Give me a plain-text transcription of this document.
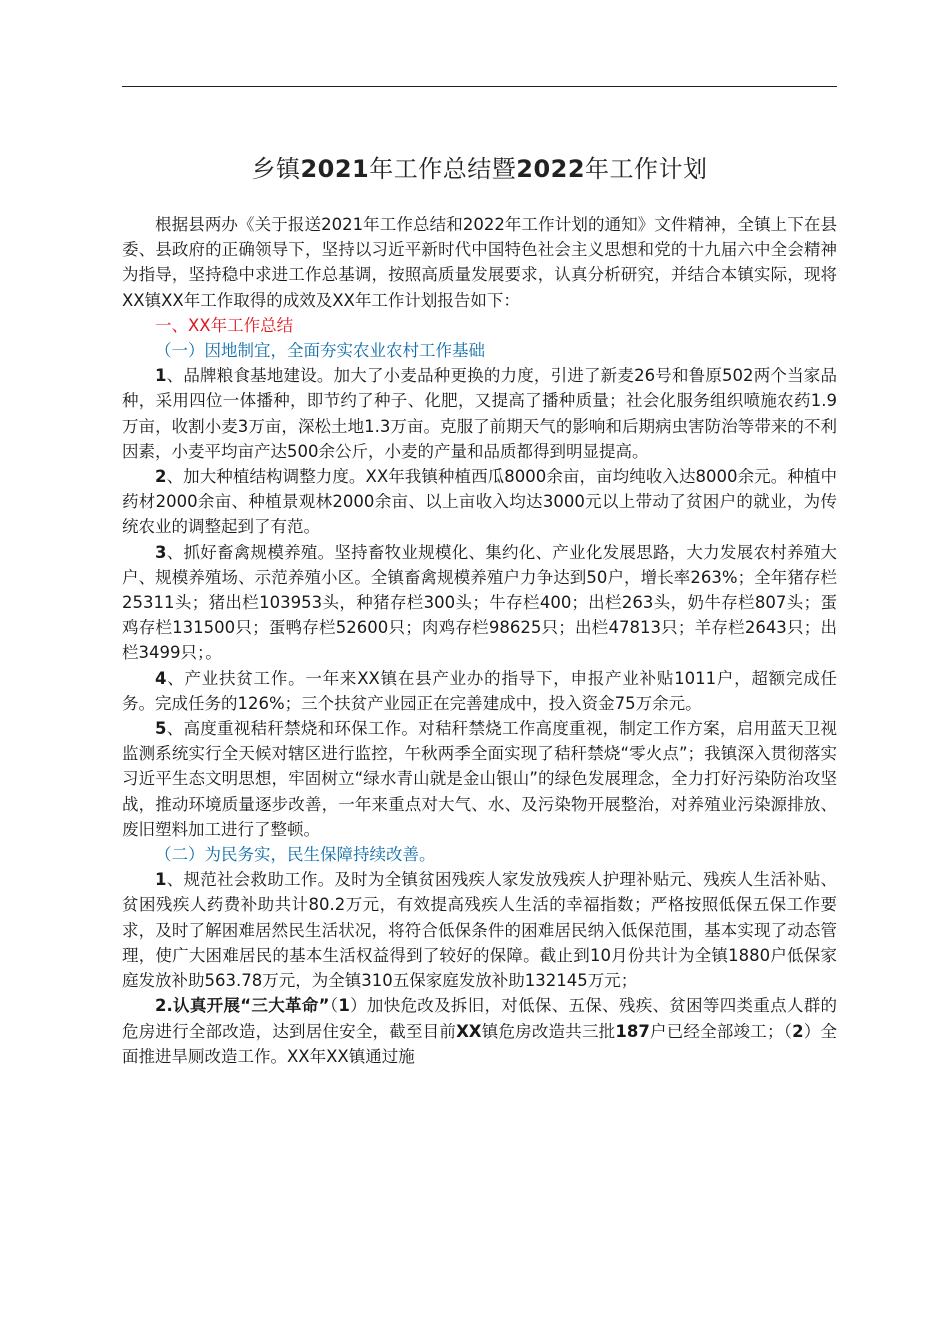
乡镇2021年工作总结暨2022年工作计划

根据县两办《关于报送2021年工作总结和2022年工作计划的通知》文件精神，全镇上下在县委、县政府的正确领导下，坚持以习近平新时代中国特色社会主义思想和党的十九届六中全会精神为指导，坚持稳中求进工作总基调，按照高质量发展要求，认真分析研究，并结合本镇实际，现将XX镇XX年工作取得的成效及XX年工作计划报告如下：

一、XX年工作总结

（一）因地制宜，全面夯实农业农村工作基础

1、品牌粮食基地建设。加大了小麦品种更换的力度，引进了新麦26号和鲁原502两个当家品种，采用四位一体播种，即节约了种子、化肥，又提高了播种质量；社会化服务组织喷施农药1.9万亩，收割小麦3万亩，深松土地1.3万亩。克服了前期天气的影响和后期病虫害防治等带来的不利因素，小麦平均亩产达500余公斤，小麦的产量和品质都得到明显提高。

2、加大种植结构调整力度。XX年我镇种植西瓜8000余亩，亩均纯收入达8000余元。种植中药材2000余亩、种植景观林2000余亩、以上亩收入均达3000元以上带动了贫困户的就业，为传统农业的调整起到了有范。

3、抓好畜禽规模养殖。坚持畜牧业规模化、集约化、产业化发展思路，大力发展农村养殖大户、规模养殖场、示范养殖小区。全镇畜禽规模养殖户力争达到50户，增长率263%；全年猪存栏25311头；猪出栏103953头，种猪存栏300头；牛存栏400；出栏263头，奶牛存栏807头；蛋鸡存栏131500只；蛋鸭存栏52600只；肉鸡存栏98625只；出栏47813只；羊存栏2643只；出栏3499只；。

4、产业扶贫工作。一年来XX镇在县产业办的指导下，申报产业补贴1011户，超额完成任务。完成任务的126%；三个扶贫产业园正在完善建成中，投入资金75万余元。

5、高度重视秸秆禁烧和环保工作。对秸秆禁烧工作高度重视，制定工作方案，启用蓝天卫视监测系统实行全天候对辖区进行监控，午秋两季全面实现了秸秆禁烧“零火点”；我镇深入贯彻落实习近平生态文明思想，牢固树立“绿水青山就是金山银山”的绿色发展理念，全力打好污染防治攻坚战，推动环境质量逐步改善，一年来重点对大气、水、及污染物开展整治，对养殖业污染源排放、废旧塑料加工进行了整顿。

（二）为民务实，民生保障持续改善。

1、规范社会救助工作。及时为全镇贫困残疾人家发放残疾人护理补贴元、残疾人生活补贴、贫困残疾人药费补助共计80.2万元，有效提高残疾人生活的幸福指数；严格按照低保五保工作要求，及时了解困难居然民生活状况，将符合低保条件的困难居民纳入低保范围，基本实现了动态管理，使广大困难居民的基本生活权益得到了较好的保障。截止到10月份共计为全镇1880户低保家庭发放补助563.78万元，为全镇310五保家庭发放补助132145万元；

2.认真开展“三大革命”（1）加快危改及拆旧，对低保、五保、残疾、贫困等四类重点人群的危房进行全部改造，达到居住安全，截至目前XX镇危房改造共三批187户已经全部竣工；（2）全面推进旱厕改造工作。XX年XX镇通过施
